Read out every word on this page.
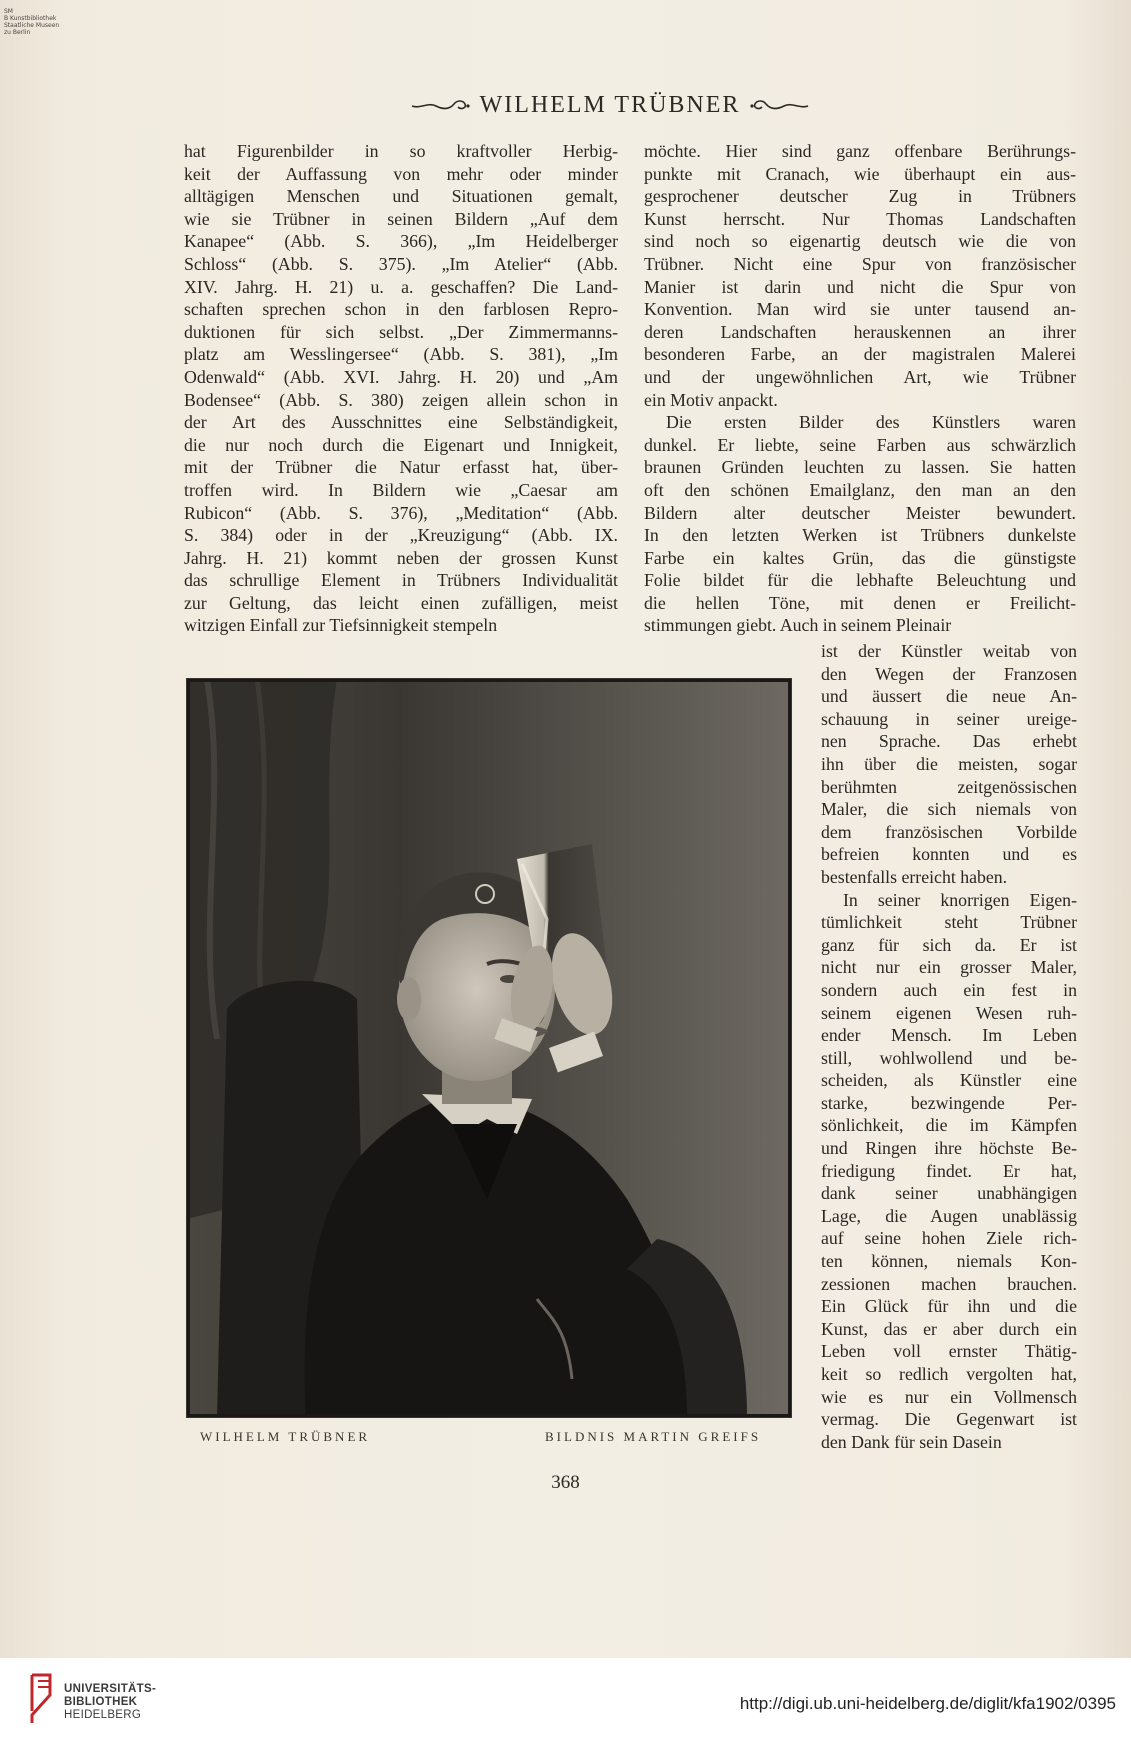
SM
B Kunstbibliothek
Staatliche Museen
zu Berlin
WILHELM TRÜBNER
hat Figurenbilder in so kraftvoller Herbig-
keit der Auffassung von mehr oder minder
alltägigen Menschen und Situationen gemalt,
wie sie Trübner in seinen Bildern „Auf dem
Kanapee“ (Abb. S. 366), „Im Heidelberger
Schloss“ (Abb. S. 375). „Im Atelier“ (Abb.
XIV. Jahrg. H. 21) u. a. geschaffen? Die Land-
schaften sprechen schon in den farblosen Repro-
duktionen für sich selbst. „Der Zimmermanns-
platz am Wesslingersee“ (Abb. S. 381), „Im
Odenwald“ (Abb. XVI. Jahrg. H. 20) und „Am
Bodensee“ (Abb. S. 380) zeigen allein schon in
der Art des Ausschnittes eine Selbständigkeit,
die nur noch durch die Eigenart und Innigkeit,
mit der Trübner die Natur erfasst hat, über-
troffen wird. In Bildern wie „Caesar am
Rubicon“ (Abb. S. 376), „Meditation“ (Abb.
S. 384) oder in der „Kreuzigung“ (Abb. IX.
Jahrg. H. 21) kommt neben der grossen Kunst
das schrullige Element in Trübners Individualität
zur Geltung, das leicht einen zufälligen, meist
witzigen Einfall zur Tiefsinnigkeit stempeln
möchte. Hier sind ganz offenbare Berührungs-
punkte mit Cranach, wie überhaupt ein aus-
gesprochener deutscher Zug in Trübners
Kunst herrscht. Nur Thomas Landschaften
sind noch so eigenartig deutsch wie die von
Trübner. Nicht eine Spur von französischer
Manier ist darin und nicht die Spur von
Konvention. Man wird sie unter tausend an-
deren Landschaften herauskennen an ihrer
besonderen Farbe, an der magistralen Malerei
und der ungewöhnlichen Art, wie Trübner
ein Motiv anpackt.
Die ersten Bilder des Künstlers waren
dunkel. Er liebte, seine Farben aus schwärzlich
braunen Gründen leuchten zu lassen. Sie hatten
oft den schönen Emailglanz, den man an den
Bildern alter deutscher Meister bewundert.
In den letzten Werken ist Trübners dunkelste
Farbe ein kaltes Grün, das die günstigste
Folie bildet für die lebhafte Beleuchtung und
die hellen Töne, mit denen er Freilicht-
stimmungen giebt. Auch in seinem Pleinair
ist der Künstler weitab von
den Wegen der Franzosen
und äussert die neue An-
schauung in seiner ureige-
nen Sprache. Das erhebt
ihn über die meisten, sogar
berühmten zeitgenössischen
Maler, die sich niemals von
dem französischen Vorbilde
befreien konnten und es
bestenfalls erreicht haben.
In seiner knorrigen Eigen-
tümlichkeit steht Trübner
ganz für sich da. Er ist
nicht nur ein grosser Maler,
sondern auch ein fest in
seinem eigenen Wesen ruh-
ender Mensch. Im Leben
still, wohlwollend und be-
scheiden, als Künstler eine
starke, bezwingende Per-
sönlichkeit, die im Kämpfen
und Ringen ihre höchste Be-
friedigung findet. Er hat,
dank seiner unabhängigen
Lage, die Augen unablässig
auf seine hohen Ziele rich-
ten können, niemals Kon-
zessionen machen brauchen.
Ein Glück für ihn und die
Kunst, das er aber durch ein
Leben voll ernster Thätig-
keit so redlich vergolten hat,
wie es nur ein Vollmensch
vermag. Die Gegenwart ist
den Dank für sein Dasein
WILHELM TRÜBNER	BILDNIS MARTIN GREIFS
368
UNIVERSITÄTS-
BIBLIOTHEK
HEIDELBERG
http://digi.ub.uni-heidelberg.de/diglit/kfa1902/0395
